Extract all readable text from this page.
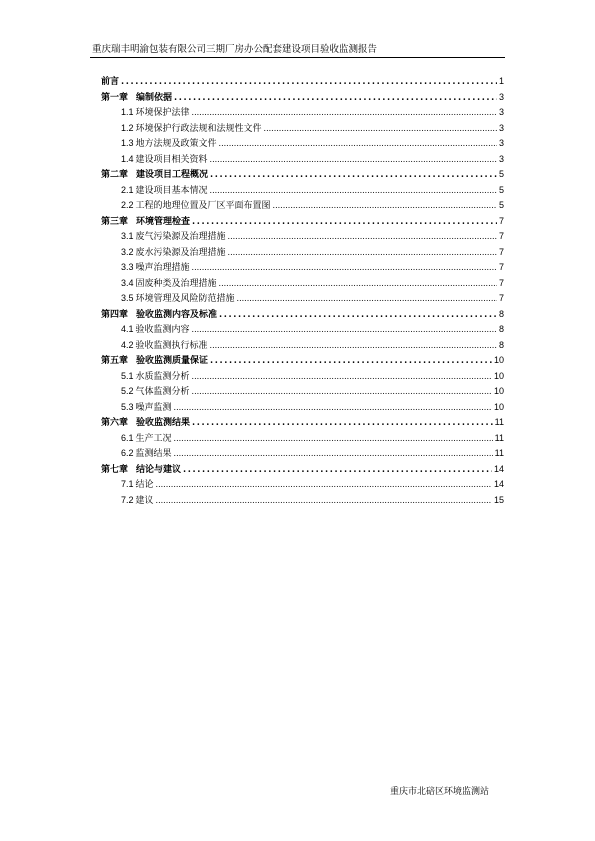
重庆瑞丰明渝包装有限公司三期厂房办公配套建设项目验收监测报告
前言 .....	1
第一章 编制依据 .....	3
1.1 环境保护法律 .....	3
1.2 环境保护行政法规和法规性文件 .....	3
1.3 地方法规及政策文件 .....	3
1.4 建设项目相关资料 .....	3
第二章 建设项目工程概况 .....	5
2.1 建设项目基本情况 .....	5
2.2 工程的地理位置及厂区平面布置图 .....	5
第三章 环境管理检查 .....	7
3.1 废气污染源及治理措施 .....	7
3.2 废水污染源及治理措施 .....	7
3.3 噪声治理措施 .....	7
3.4 固废种类及治理措施 .....	7
3.5 环境管理及风险防范措施 .....	7
第四章 验收监测内容及标准 .....	8
4.1 验收监测内容 .....	8
4.2 验收监测执行标准 .....	8
第五章 验收监测质量保证 .....	10
5.1 水质监测分析 .....	10
5.2 气体监测分析 .....	10
5.3 噪声监测 .....	10
第六章 验收监测结果 .....	11
6.1 生产工况 .....	11
6.2 监测结果 .....	11
第七章 结论与建议 .....	14
7.1 结论 .....	14
7.2 建议 .....	15
重庆市北碚区环境监测站
